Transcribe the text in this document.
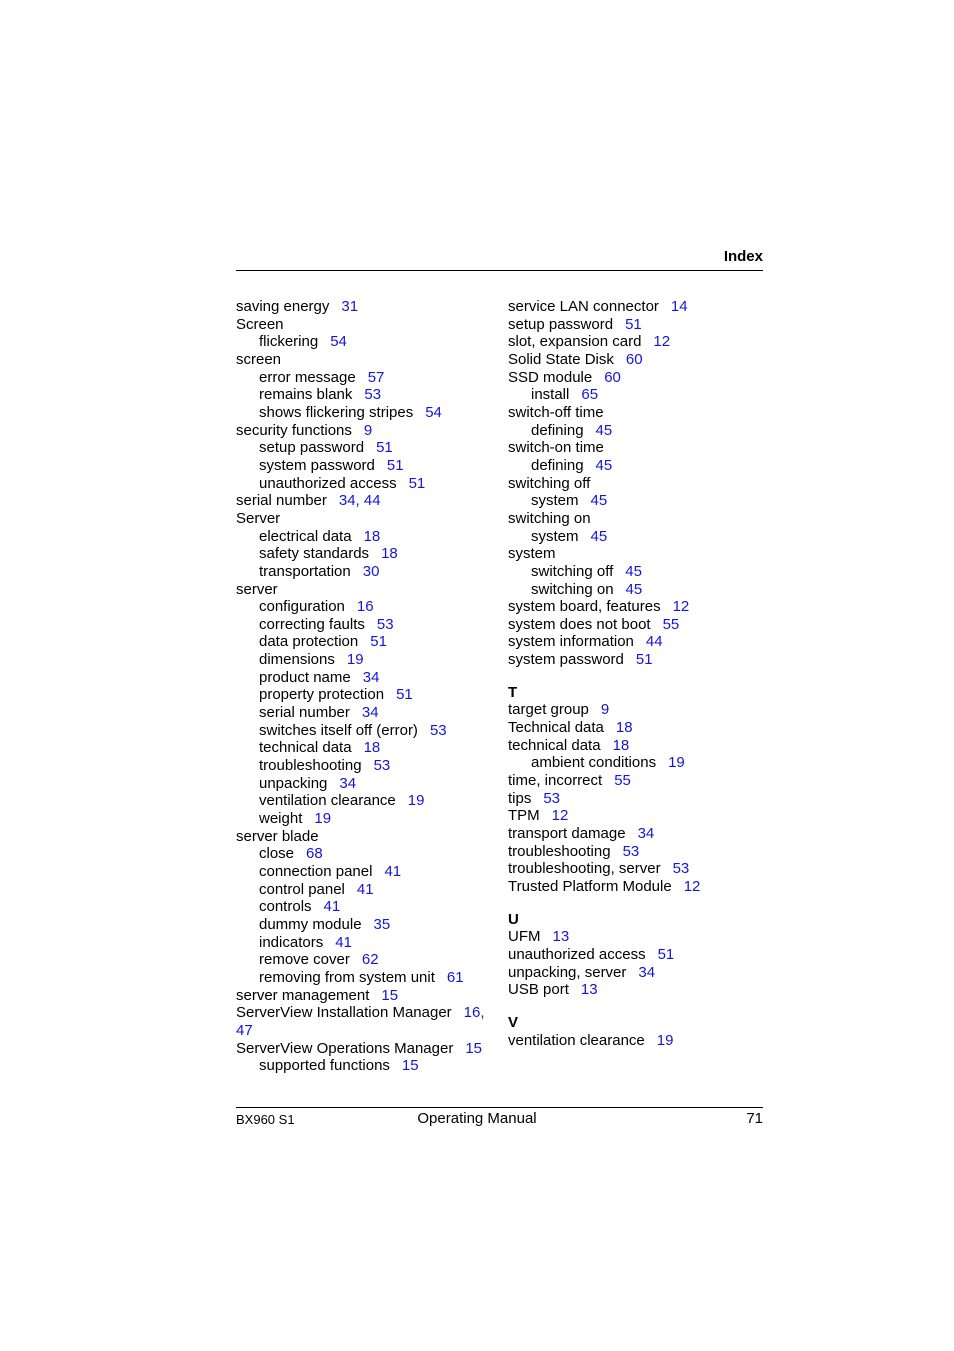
Index
saving energy 31
Screen
flickering 54
screen
error message 57
remains blank 53
shows flickering stripes 54
security functions 9
setup password 51
system password 51
unauthorized access 51
serial number 34, 44
Server
electrical data 18
safety standards 18
transportation 30
server
configuration 16
correcting faults 53
data protection 51
dimensions 19
product name 34
property protection 51
serial number 34
switches itself off (error) 53
technical data 18
troubleshooting 53
unpacking 34
ventilation clearance 19
weight 19
server blade
close 68
connection panel 41
control panel 41
controls 41
dummy module 35
indicators 41
remove cover 62
removing from system unit 61
server management 15
ServerView Installation Manager 16, 47
ServerView Operations Manager 15
supported functions 15
service LAN connector 14
setup password 51
slot, expansion card 12
Solid State Disk 60
SSD module 60
install 65
switch-off time
defining 45
switch-on time
defining 45
switching off
system 45
switching on
system 45
system
switching off 45
switching on 45
system board, features 12
system does not boot 55
system information 44
system password 51
T
target group 9
Technical data 18
technical data 18
ambient conditions 19
time, incorrect 55
tips 53
TPM 12
transport damage 34
troubleshooting 53
troubleshooting, server 53
Trusted Platform Module 12
U
UFM 13
unauthorized access 51
unpacking, server 34
USB port 13
V
ventilation clearance 19
BX960 S1	Operating Manual	71
